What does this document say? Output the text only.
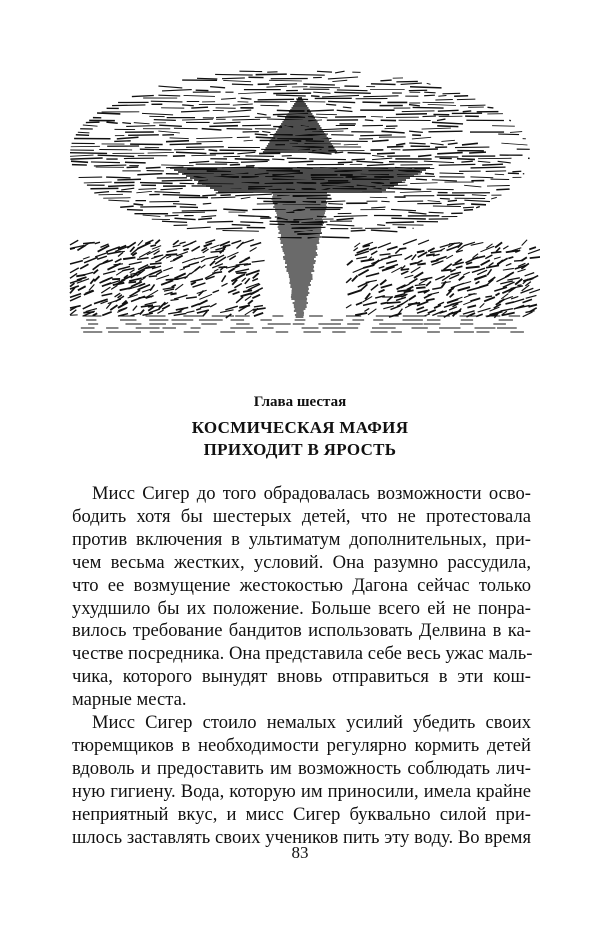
Глава шестая
КОСМИЧЕСКАЯ МАФИЯ
ПРИХОДИТ В ЯРОСТЬ
Мисс Сигер до того обрадовалась возможности осво-
бодить хотя бы шестерых детей, что не протестовала
против включения в ультиматум дополнительных, при-
чем весьма жестких, условий. Она разумно рассудила,
что ее возмущение жестокостью Дагона сейчас только
ухудшило бы их положение. Больше всего ей не понра-
вилось требование бандитов использовать Делвина в ка-
честве посредника. Она представила себе весь ужас маль-
чика, которого вынудят вновь отправиться в эти кош-
марные места.
Мисс Сигер стоило немалых усилий убедить своих
тюремщиков в необходимости регулярно кормить детей
вдоволь и предоставить им возможность соблюдать лич-
ную гигиену. Вода, которую им приносили, имела крайне
неприятный вкус, и мисс Сигер буквально силой при-
шлось заставлять своих учеников пить эту воду. Во время
83
